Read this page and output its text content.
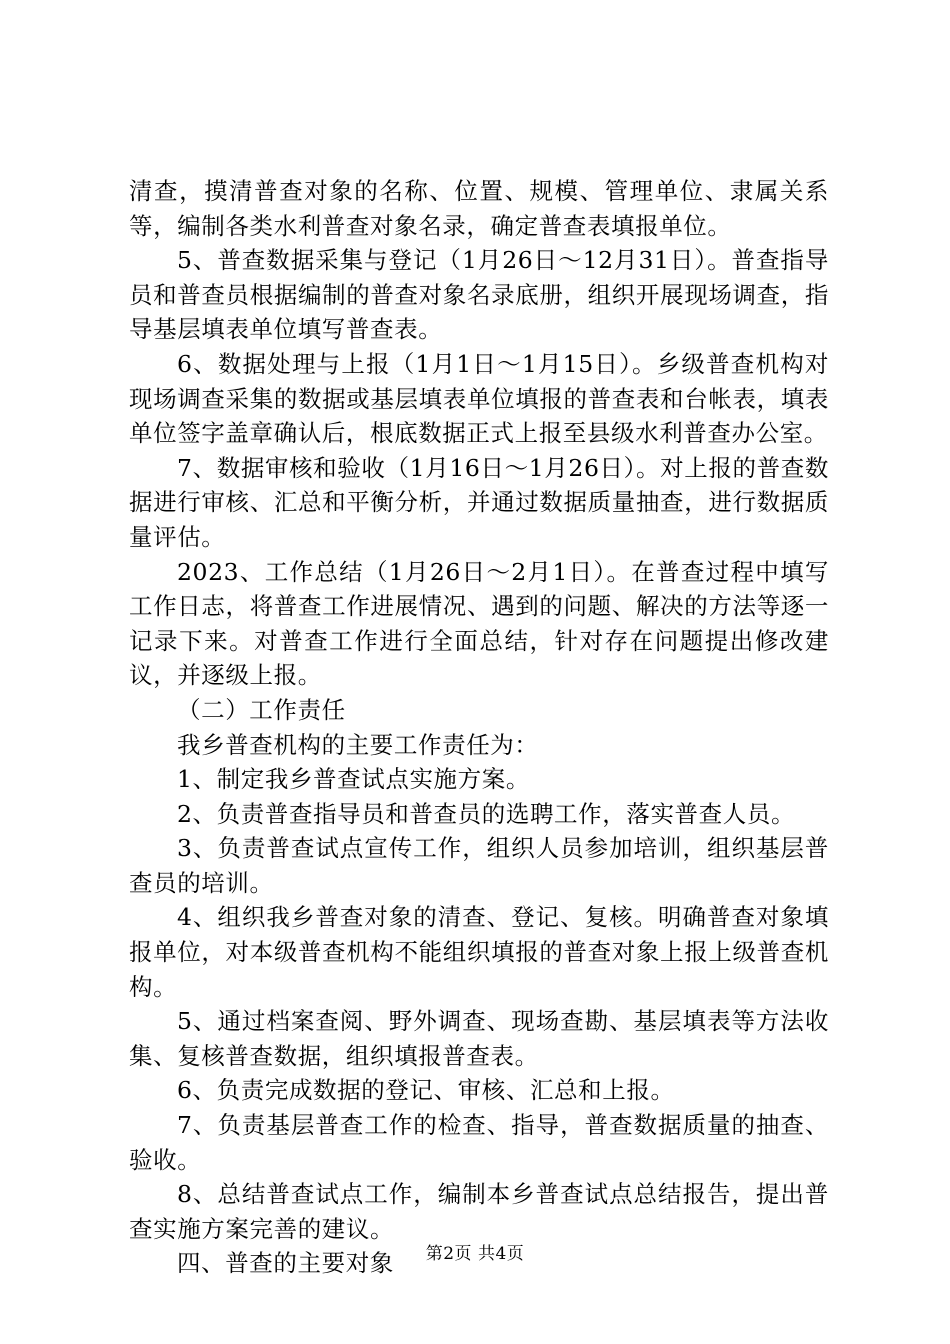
清查，摸清普查对象的名称、位置、规模、管理单位、隶属关系等，编制各类水利普查对象名录，确定普查表填报单位。

5、普查数据采集与登记（1月26日～12月31日）。普查指导员和普查员根据编制的普查对象名录底册，组织开展现场调查，指导基层填表单位填写普查表。

6、数据处理与上报（1月1日～1月15日）。乡级普查机构对现场调查采集的数据或基层填表单位填报的普查表和台帐表，填表单位签字盖章确认后，根底数据正式上报至县级水利普查办公室。

7、数据审核和验收（1月16日～1月26日）。对上报的普查数据进行审核、汇总和平衡分析，并通过数据质量抽查，进行数据质量评估。

2023、工作总结（1月26日～2月1日）。在普查过程中填写工作日志，将普查工作进展情况、遇到的问题、解决的方法等逐一记录下来。对普查工作进行全面总结，针对存在问题提出修改建议，并逐级上报。

（二）工作责任

我乡普查机构的主要工作责任为：

1、制定我乡普查试点实施方案。

2、负责普查指导员和普查员的选聘工作，落实普查人员。

3、负责普查试点宣传工作，组织人员参加培训，组织基层普查员的培训。

4、组织我乡普查对象的清查、登记、复核。明确普查对象填报单位，对本级普查机构不能组织填报的普查对象上报上级普查机构。

5、通过档案查阅、野外调查、现场查勘、基层填表等方法收集、复核普查数据，组织填报普查表。

6、负责完成数据的登记、审核、汇总和上报。

7、负责基层普查工作的检查、指导，普查数据质量的抽查、验收。

8、总结普查试点工作，编制本乡普查试点总结报告，提出普查实施方案完善的建议。

四、普查的主要对象	第2页 共4页
